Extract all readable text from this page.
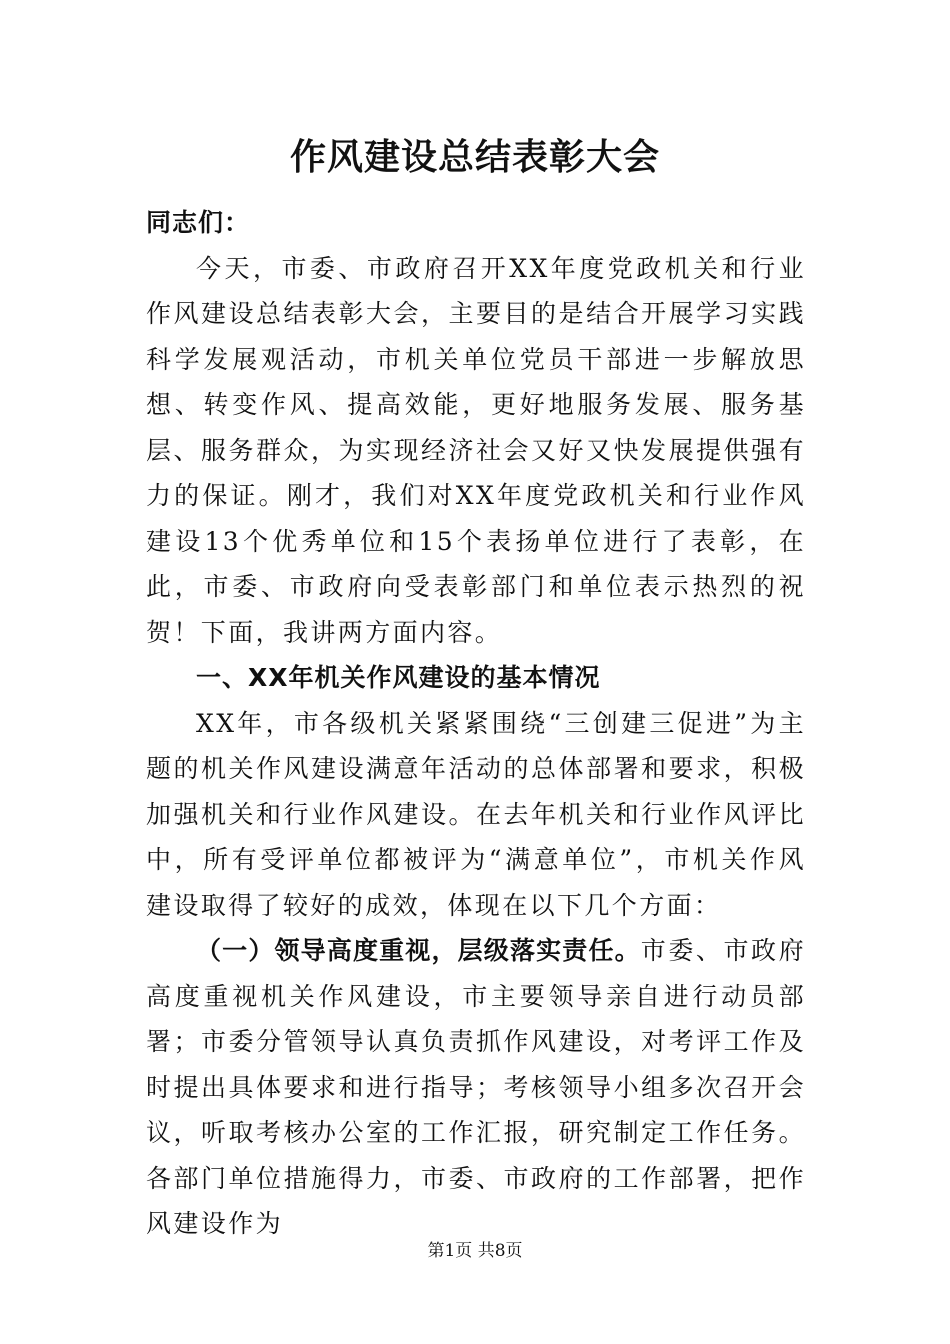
作风建设总结表彰大会

同志们：

今天，市委、市政府召开XX年度党政机关和行业作风建设总结表彰大会，主要目的是结合开展学习实践科学发展观活动，市机关单位党员干部进一步解放思想、转变作风、提高效能，更好地服务发展、服务基层、服务群众，为实现经济社会又好又快发展提供强有力的保证。刚才，我们对XX年度党政机关和行业作风建设13个优秀单位和15个表扬单位进行了表彰，在此，市委、市政府向受表彰部门和单位表示热烈的祝贺！下面，我讲两方面内容。

一、XX年机关作风建设的基本情况

XX年，市各级机关紧紧围绕“三创建三促进”为主题的机关作风建设满意年活动的总体部署和要求，积极加强机关和行业作风建设。在去年机关和行业作风评比中，所有受评单位都被评为“满意单位”，市机关作风建设取得了较好的成效，体现在以下几个方面：

（一）领导高度重视，层级落实责任。市委、市政府高度重视机关作风建设，市主要领导亲自进行动员部署；市委分管领导认真负责抓作风建设，对考评工作及时提出具体要求和进行指导；考核领导小组多次召开会议，听取考核办公室的工作汇报，研究制定工作任务。各部门单位措施得力，市委、市政府的工作部署，把作风建设作为

第1页 共8页
